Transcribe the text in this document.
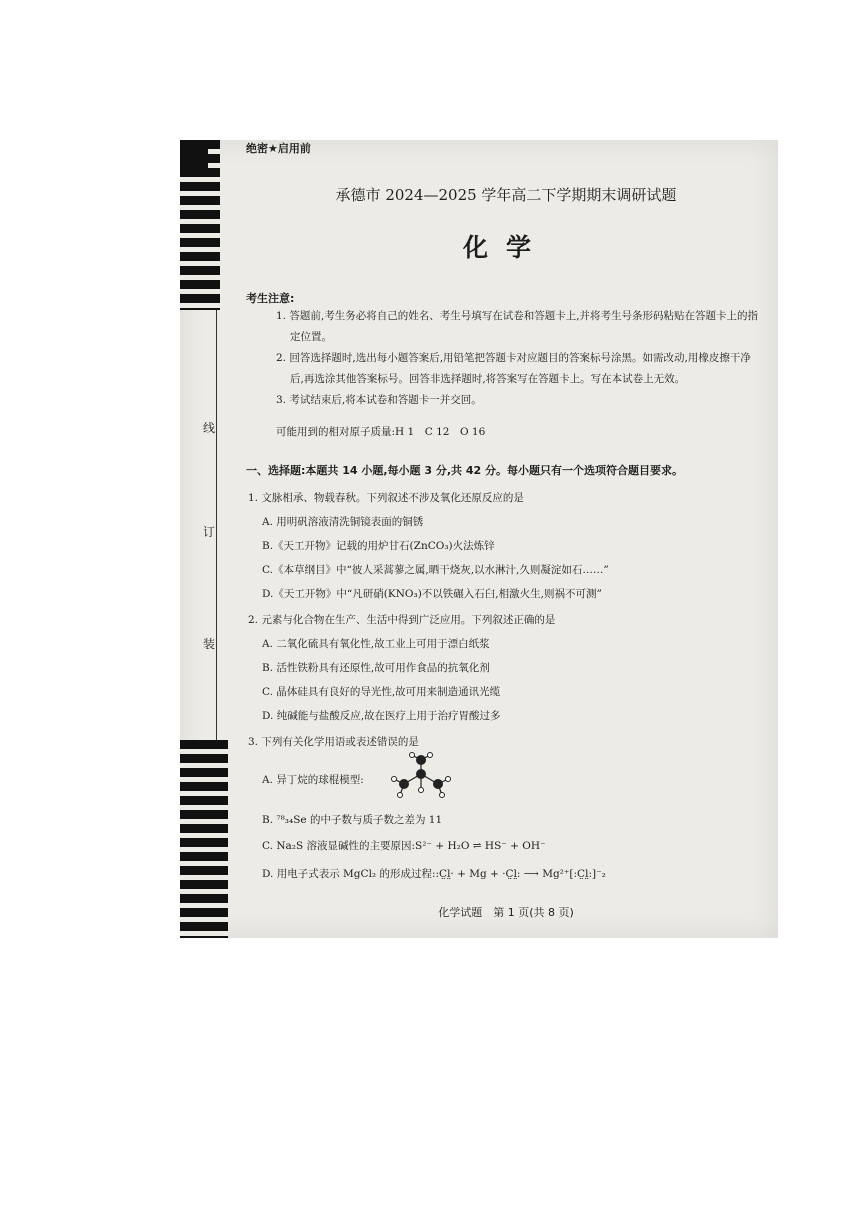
线
订
装
绝密★启用前
承德市 2024—2025 学年高二下学期期末调研试题
化学
考生注意:
1. 答题前,考生务必将自己的姓名、考生号填写在试卷和答题卡上,并将考生号条形码粘贴在答题卡上的指定位置。
2. 回答选择题时,选出每小题答案后,用铅笔把答题卡对应题目的答案标号涂黑。如需改动,用橡皮擦干净后,再选涂其他答案标号。回答非选择题时,将答案写在答题卡上。写在本试卷上无效。
3. 考试结束后,将本试卷和答题卡一并交回。
可能用到的相对原子质量:H 1　C 12　O 16
一、选择题:本题共 14 小题,每小题 3 分,共 42 分。每小题只有一个选项符合题目要求。
1. 文脉相承、物载春秋。下列叙述不涉及氧化还原反应的是
A. 用明矾溶液清洗铜镜表面的铜锈
B.《天工开物》记载的用炉甘石(ZnCO₃)火法炼锌
C.《本草纲目》中“彼人采蒿蓼之属,晒干烧灰,以水淋汁,久则凝淀如石……”
D.《天工开物》中“凡研硝(KNO₃)不以铁碾入石臼,相激火生,则祸不可测”
2. 元素与化合物在生产、生活中得到广泛应用。下列叙述正确的是
A. 二氧化硫具有氧化性,故工业上可用于漂白纸浆
B. 活性铁粉具有还原性,故可用作食品的抗氧化剂
C. 晶体硅具有良好的导光性,故可用来制造通讯光缆
D. 纯碱能与盐酸反应,故在医疗上用于治疗胃酸过多
3. 下列有关化学用语或表述错误的是
A. 异丁烷的球棍模型:
B. ⁷⁸₃₄Se 的中子数与质子数之差为 11
C. Na₂S 溶液显碱性的主要原因:S²⁻ + H₂O ⇌ HS⁻ + OH⁻
D. 用电子式表示 MgCl₂ 的形成过程::C̤l̤· + Mg + ·C̤l̤: ⟶ Mg²⁺[:C̤l̤:]⁻₂
化学试题　第 1 页(共 8 页)
